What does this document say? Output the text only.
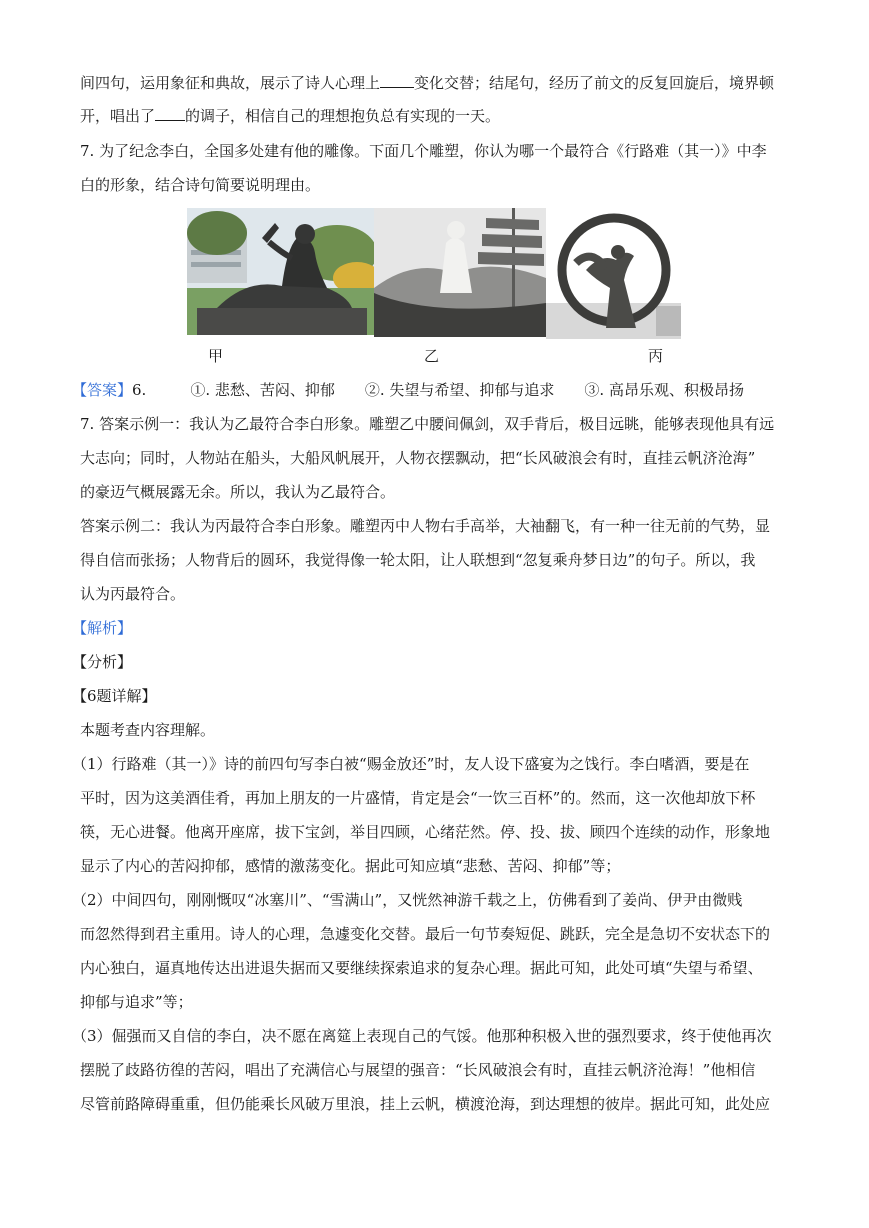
间四句，运用象征和典故，展示了诗人心理上 变化交替；结尾句，经历了前文的反复回旋后，境界顿
开，唱出了 的调子，相信自己的理想抱负总有实现的一天。
7. 为了纪念李白，全国多处建有他的雕像。下面几个雕塑，你认为哪一个最符合《行路难（其一）》中李
白的形象，结合诗句简要说明理由。
甲	乙	丙
【答案】6.	①. 悲愁、苦闷、抑郁 ②. 失望与希望、抑郁与追求 ③. 高昂乐观、积极昂扬
7. 答案示例一：我认为乙最符合李白形象。雕塑乙中腰间佩剑，双手背后，极目远眺，能够表现他具有远
大志向；同时，人物站在船头，大船风帆展开，人物衣摆飘动，把“长风破浪会有时，直挂云帆济沧海”
的豪迈气概展露无余。所以，我认为乙最符合。
答案示例二：我认为丙最符合李白形象。雕塑丙中人物右手高举，大袖翻飞，有一种一往无前的气势，显
得自信而张扬；人物背后的圆环，我觉得像一轮太阳，让人联想到“忽复乘舟梦日边”的句子。所以，我
认为丙最符合。
【解析】
【分析】
【6题详解】
本题考查内容理解。
（1）行路难（其一）》诗的前四句写李白被“赐金放还”时，友人设下盛宴为之饯行。李白嗜酒，要是在
平时，因为这美酒佳肴，再加上朋友的一片盛情，肯定是会“一饮三百杯”的。然而，这一次他却放下杯
筷，无心进餐。他离开座席，拔下宝剑，举目四顾，心绪茫然。停、投、拔、顾四个连续的动作，形象地
显示了内心的苦闷抑郁，感情的激荡变化。据此可知应填“悲愁、苦闷、抑郁”等；
（2）中间四句，刚刚慨叹“冰塞川”、“雪满山”，又恍然神游千载之上，仿佛看到了姜尚、伊尹由微贱
而忽然得到君主重用。诗人的心理，急遽变化交替。最后一句节奏短促、跳跃，完全是急切不安状态下的
内心独白，逼真地传达出进退失据而又要继续探索追求的复杂心理。据此可知，此处可填“失望与希望、
抑郁与追求”等；
（3）倔强而又自信的李白，决不愿在离筵上表现自己的气馁。他那种积极入世的强烈要求，终于使他再次
摆脱了歧路彷徨的苦闷，唱出了充满信心与展望的强音：“长风破浪会有时，直挂云帆济沧海！”他相信
尽管前路障碍重重，但仍能乘长风破万里浪，挂上云帆，横渡沧海，到达理想的彼岸。据此可知，此处应
